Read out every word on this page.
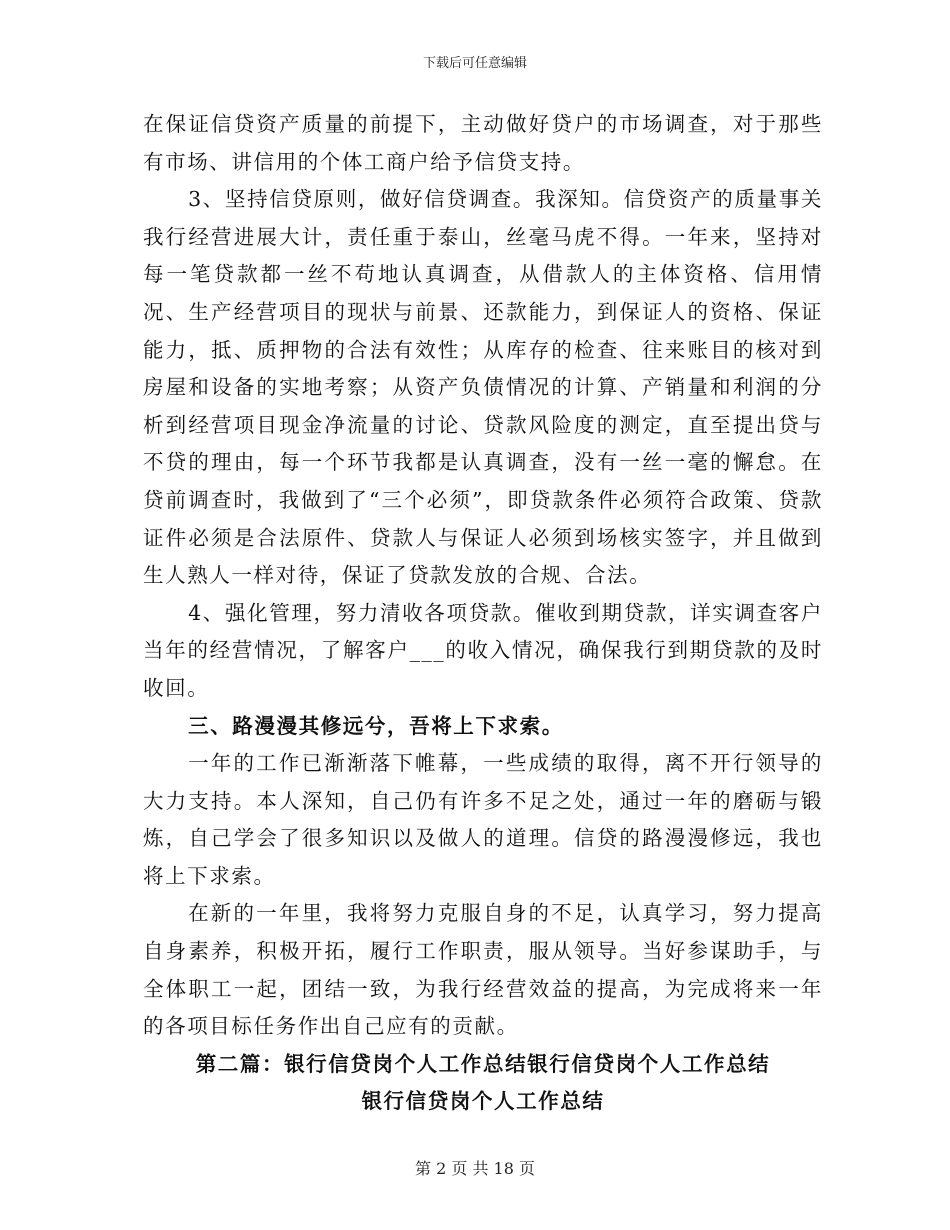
下载后可任意编辑

在保证信贷资产质量的前提下，主动做好贷户的市场调查，对于那些有市场、讲信用的个体工商户给予信贷支持。

3、坚持信贷原则，做好信贷调查。我深知。信贷资产的质量事关我行经营进展大计，责任重于泰山，丝毫马虎不得。一年来，坚持对每一笔贷款都一丝不苟地认真调查，从借款人的主体资格、信用情况、生产经营项目的现状与前景、还款能力，到保证人的资格、保证能力，抵、质押物的合法有效性；从库存的检查、往来账目的核对到房屋和设备的实地考察；从资产负债情况的计算、产销量和利润的分析到经营项目现金净流量的讨论、贷款风险度的测定，直至提出贷与不贷的理由，每一个环节我都是认真调查，没有一丝一毫的懈怠。在贷前调查时，我做到了“三个必须”，即贷款条件必须符合政策、贷款证件必须是合法原件、贷款人与保证人必须到场核实签字，并且做到生人熟人一样对待，保证了贷款发放的合规、合法。

4、强化管理，努力清收各项贷款。催收到期贷款，详实调查客户当年的经营情况，了解客户___的收入情况，确保我行到期贷款的及时收回。

三、路漫漫其修远兮，吾将上下求索。

一年的工作已渐渐落下帷幕，一些成绩的取得，离不开行领导的大力支持。本人深知，自己仍有许多不足之处，通过一年的磨砺与锻炼，自己学会了很多知识以及做人的道理。信贷的路漫漫修远，我也将上下求索。

在新的一年里，我将努力克服自身的不足，认真学习，努力提高自身素养，积极开拓，履行工作职责，服从领导。当好参谋助手，与全体职工一起，团结一致，为我行经营效益的提高，为完成将来一年的各项目标任务作出自己应有的贡献。

第二篇：银行信贷岗个人工作总结银行信贷岗个人工作总结

银行信贷岗个人工作总结

第 2 页 共 18 页
